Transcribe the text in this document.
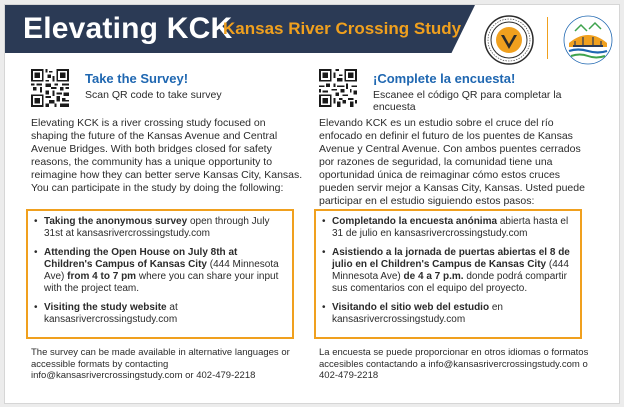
Elevating KCK
Kansas River Crossing Study
Take the Survey!
Scan QR code to take survey
Elevating KCK is a river crossing study focused on shaping the future of the Kansas Avenue and Central Avenue Bridges. With both bridges closed for safety reasons, the community has a unique opportunity to reimagine how they can better serve Kansas City, Kansas. You can participate in the study by doing the following:
• Taking the anonymous survey open through July 31st at kansasrivercrossingstudy.com
• Attending the Open House on July 8th at Children's Campus of Kansas City (444 Minnesota Ave) from 4 to 7 pm where you can share your input with the project team.
• Visiting the study website at kansasrivercrossingstudy.com
The survey can be made available in alternative languages or accessible formats by contacting info@kansasrivercrossingstudy.com or 402-479-2218
¡Complete la encuesta!
Escanee el código QR para completar la encuesta
Elevando KCK es un estudio sobre el cruce del río enfocado en definir el futuro de los puentes de Kansas Avenue y Central Avenue. Con ambos puentes cerrados por razones de seguridad, la comunidad tiene una oportunidad única de reimaginar cómo estos cruces pueden servir mejor a Kansas City, Kansas. Usted puede participar en el estudio siguiendo estos pasos:
• Completando la encuesta anónima abierta hasta el 31 de julio en kansasrivercrossingstudy.com
• Asistiendo a la jornada de puertas abiertas el 8 de julio en el Children's Campus de Kansas City (444 Minnesota Ave) de 4 a 7 p.m. donde podrá compartir sus comentarios con el equipo del proyecto.
• Visitando el sitio web del estudio en kansasrivercrossingstudy.com
La encuesta se puede proporcionar en otros idiomas o formatos accesibles contactando a info@kansasrivercrossingstudy.com o 402-479-2218
